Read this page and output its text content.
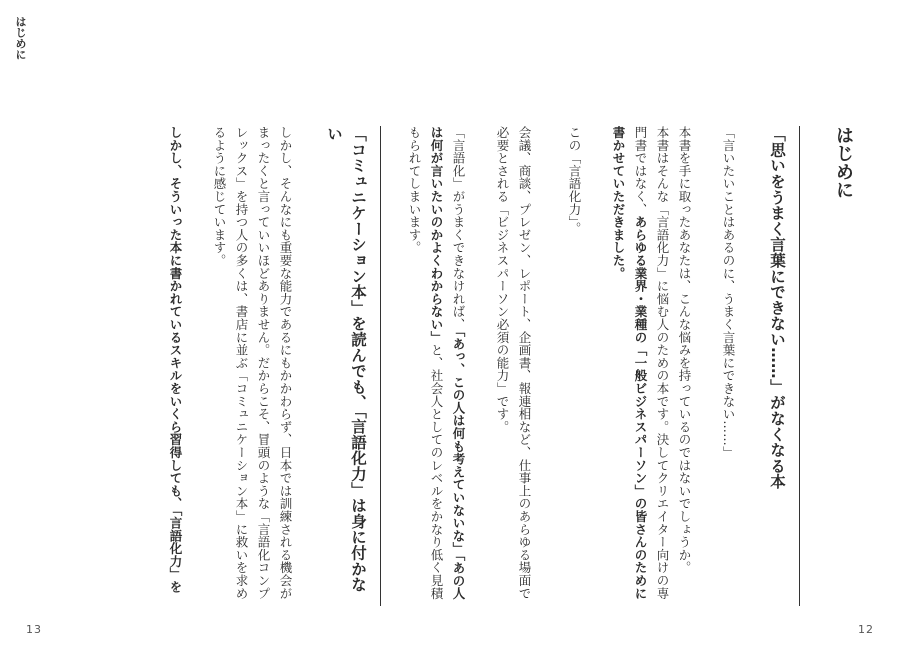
はじめに
はじめに
「思いをうまく言葉にできない……」がなくなる本

「言いたいことはあるのに、うまく言葉にできない……」

本書を手に取ったあなたは、こんな悩みを持っているのではないでしょうか。

本書はそんな「言語化力」に悩む人のための本です。決してクリエイター向けの専門書ではなく、あらゆる業界・業種の「一般ビジネスパーソン」の皆さんのために書かせていただきました。

この「言語化力」。

会議、商談、プレゼン、レポート、企画書、報連相など、仕事上のあらゆる場面で必要とされる「ビジネスパーソン必須の能力」です。

「言語化」がうまくできなければ、「あっ、この人は何も考えていないな」「あの人は何が言いたいのかよくわからない」と、社会人としてのレベルをかなり低く見積もられてしまいます。

「コミュニケーション本」を読んでも、「言語化力」は身に付かない

しかし、そんなにも重要な能力であるにもかかわらず、日本では訓練される機会がまったくと言っていいほどありません。だからこそ、冒頭のような「言語化コンプレックス」を持つ人の多くは、書店に並ぶ「コミュニケーション本」に救いを求めるように感じています。

しかし、そういった本に書かれているスキルをいくら習得しても、「言語化力」を

13	12
